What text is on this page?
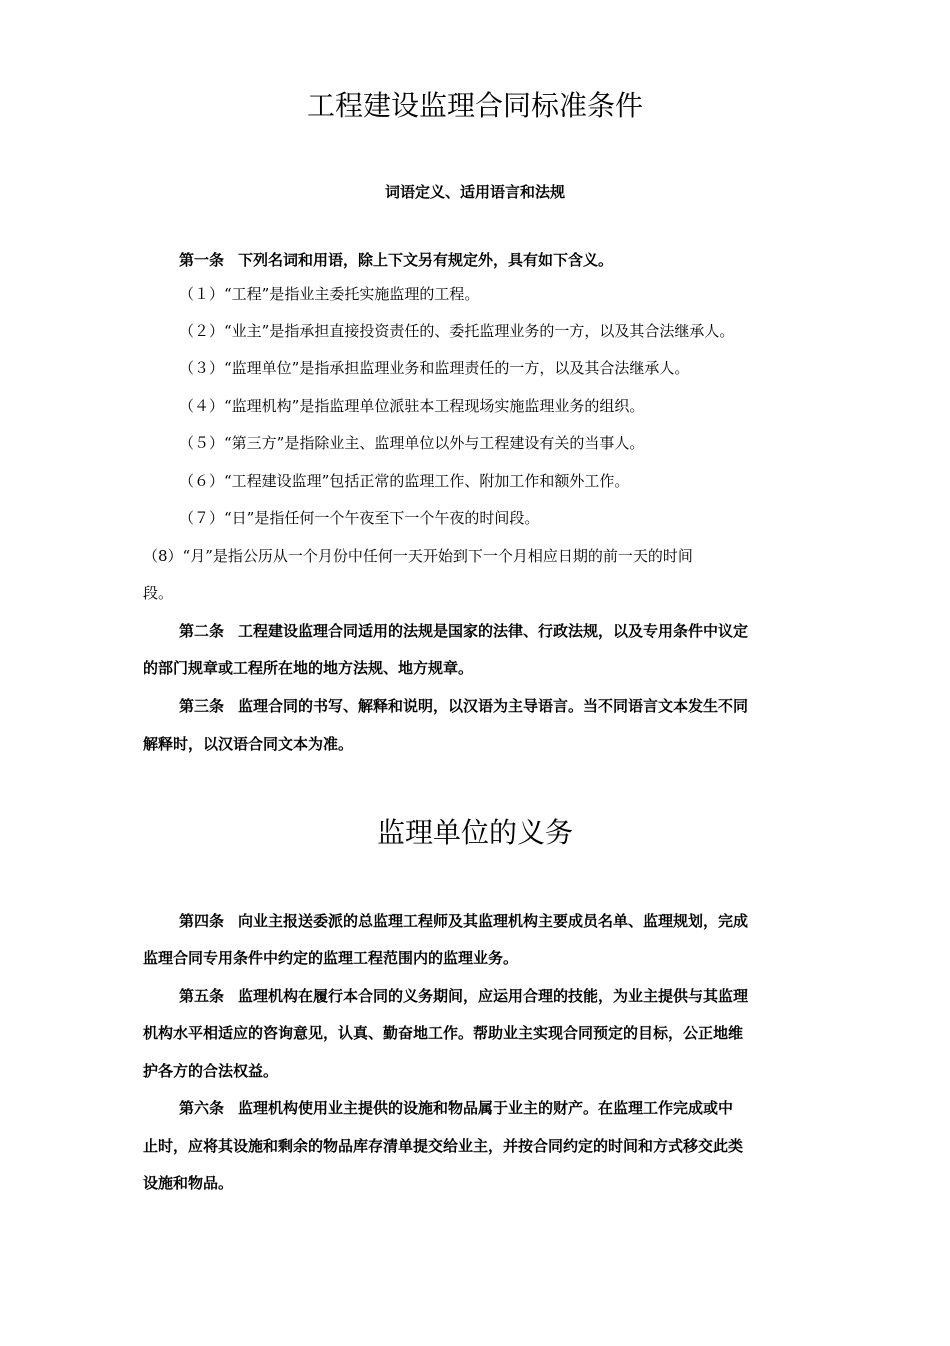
工程建设监理合同标准条件
词语定义、适用语言和法规

第一条 下列名词和用语，除上下文另有规定外，具有如下含义。

（１）“工程”是指业主委托实施监理的工程。

（２）“业主”是指承担直接投资责任的、委托监理业务的一方，以及其合法继承人。

（３）“监理单位”是指承担监理业务和监理责任的一方，以及其合法继承人。

（４）“监理机构”是指监理单位派驻本工程现场实施监理业务的组织。

（５）“第三方”是指除业主、监理单位以外与工程建设有关的当事人。

（６）“工程建设监理”包括正常的监理工作、附加工作和额外工作。

（７）“日”是指任何一个午夜至下一个午夜的时间段。

（8）“月”是指公历从一个月份中任何一天开始到下一个月相应日期的前一天的时间

段。

第二条 工程建设监理合同适用的法规是国家的法律、行政法规，以及专用条件中议定

的部门规章或工程所在地的地方法规、地方规章。

第三条 监理合同的书写、解释和说明，以汉语为主导语言。当不同语言文本发生不同

解释时，以汉语合同文本为准。

监理单位的义务

第四条 向业主报送委派的总监理工程师及其监理机构主要成员名单、监理规划，完成

监理合同专用条件中约定的监理工程范围内的监理业务。

第五条 监理机构在履行本合同的义务期间，应运用合理的技能，为业主提供与其监理

机构水平相适应的咨询意见，认真、勤奋地工作。帮助业主实现合同预定的目标，公正地维

护各方的合法权益。

第六条 监理机构使用业主提供的设施和物品属于业主的财产。在监理工作完成或中

止时，应将其设施和剩余的物品库存清单提交给业主，并按合同约定的时间和方式移交此类

设施和物品。
